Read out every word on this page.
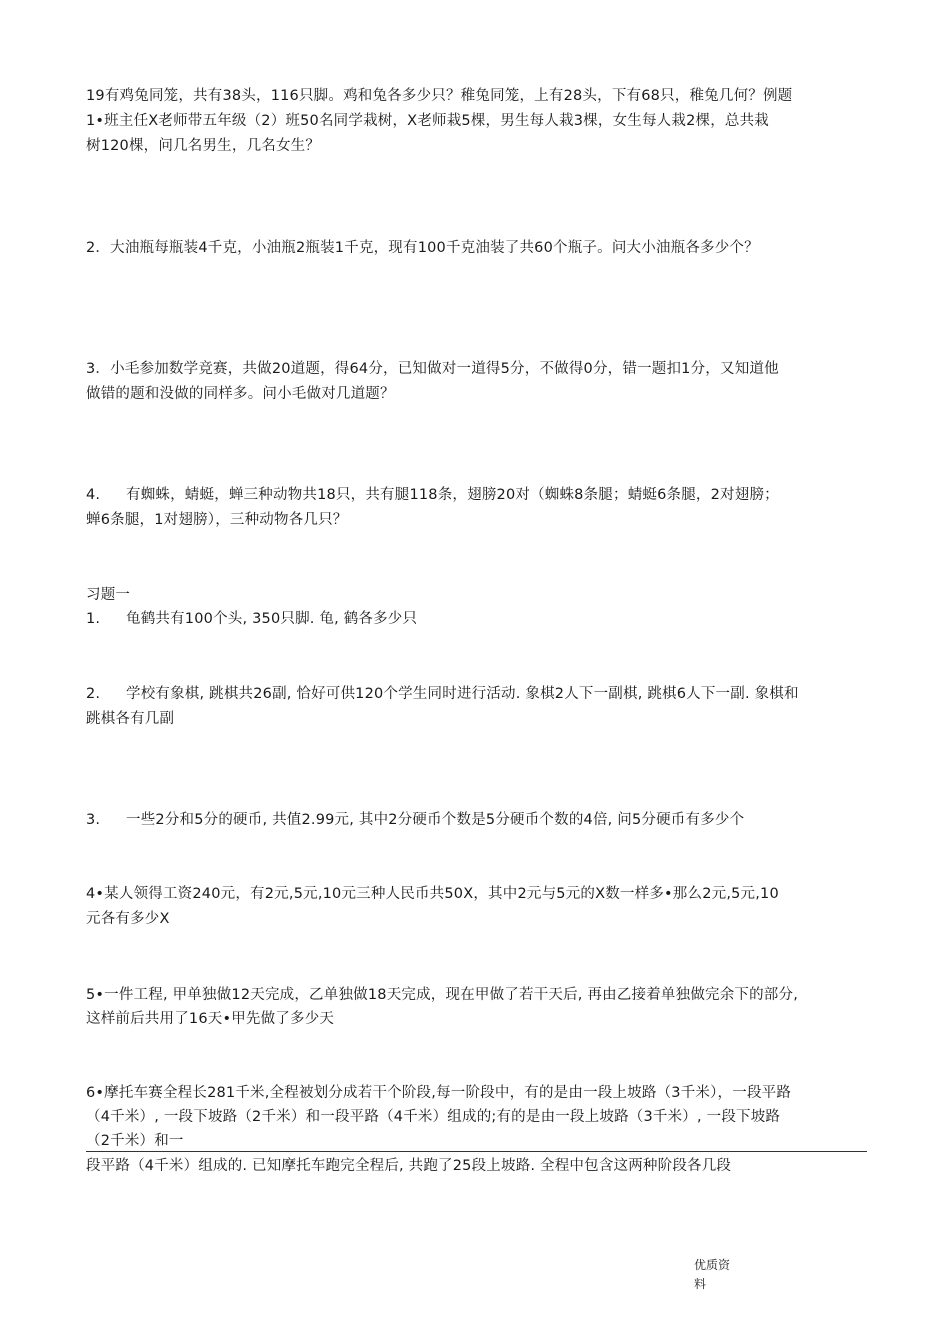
19有鸡兔同笼，共有38头，116只脚。鸡和兔各多少只？稚兔同笼，上有28头，下有68只，稚兔几何？例题

1•班主任X老师带五年级（2）班50名同学栽树，X老师栽5棵，男生每人栽3棵，女生每人栽2棵，总共栽

树120棵，问几名男生，几名女生？

2．大油瓶每瓶装4千克，小油瓶2瓶装1千克，现有100千克油装了共60个瓶子。问大小油瓶各多少个？

3．小毛参加数学竞赛，共做20道题，得64分，已知做对一道得5分，不做得0分，错一题扣1分，又知道他

做错的题和没做的同样多。问小毛做对几道题？

4. 有蜘蛛，蜻蜓，蝉三种动物共18只，共有腿118条，翅膀20对（蜘蛛8条腿；蜻蜓6条腿，2对翅膀；

蝉6条腿，1对翅膀），三种动物各几只？

习题一

1. 龟鹤共有100个头, 350只脚. 龟, 鹤各多少只

2. 学校有象棋, 跳棋共26副, 恰好可供120个学生同时进行活动. 象棋2人下一副棋, 跳棋6人下一副. 象棋和

跳棋各有几副

3. 一些2分和5分的硬币, 共值2.99元, 其中2分硬币个数是5分硬币个数的4倍, 问5分硬币有多少个

4•某人领得工资240元，有2元,5元,10元三种人民币共50X，其中2元与5元的X数一样多•那么2元,5元,10

元各有多少X

5•一件工程, 甲单独做12天完成，乙单独做18天完成，现在甲做了若干天后, 再由乙接着单独做完余下的部分,

这样前后共用了16天•甲先做了多少天

6•摩托车赛全程长281千米,全程被划分成若干个阶段,每一阶段中，有的是由一段上坡路（3千米），一段平路

（4千米）, 一段下坡路（2千米）和一段平路（4千米）组成的;有的是由一段上坡路（3千米）, 一段下坡路

（2千米）和一

段平路（4千米）组成的. 已知摩托车跑完全程后, 共跑了25段上坡路. 全程中包含这两种阶段各几段

优质资
料
